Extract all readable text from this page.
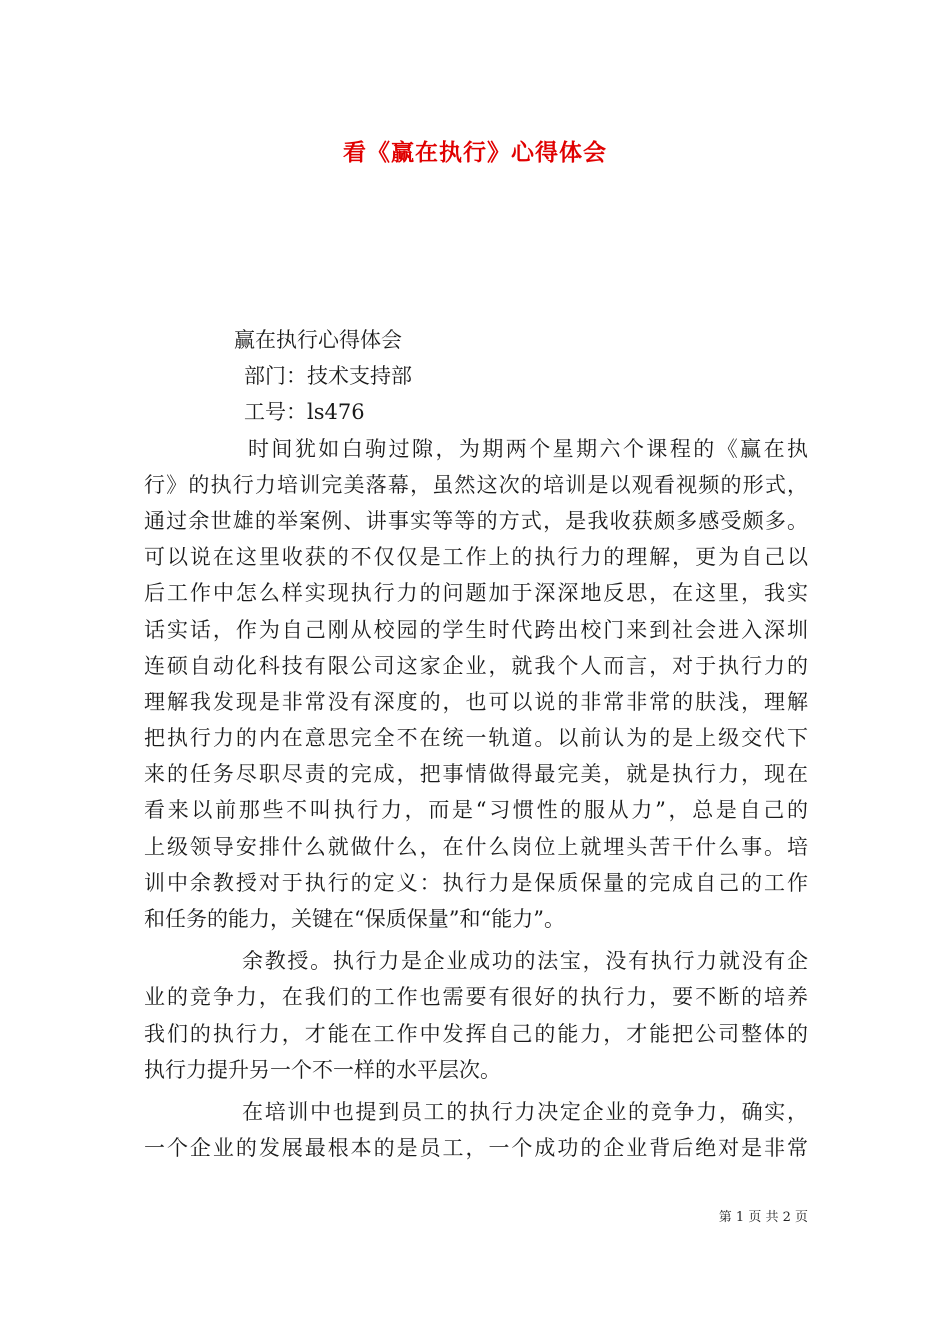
看《赢在执行》心得体会
赢在执行心得体会
部门：技术支持部
工号：ls476
时间犹如白驹过隙，为期两个星期六个课程的《赢在执
行》的执行力培训完美落幕，虽然这次的培训是以观看视频的形式，
通过余世雄的举案例、讲事实等等的方式，是我收获颇多感受颇多。
可以说在这里收获的不仅仅是工作上的执行力的理解，更为自己以
后工作中怎么样实现执行力的问题加于深深地反思，在这里，我实
话实话，作为自己刚从校园的学生时代跨出校门来到社会进入深圳
连硕自动化科技有限公司这家企业，就我个人而言，对于执行力的
理解我发现是非常没有深度的，也可以说的非常非常的肤浅，理解
把执行力的内在意思完全不在统一轨道。以前认为的是上级交代下
来的任务尽职尽责的完成，把事情做得最完美，就是执行力，现在
看来以前那些不叫执行力，而是“习惯性的服从力”，总是自己的
上级领导安排什么就做什么，在什么岗位上就埋头苦干什么事。培
训中余教授对于执行的定义：执行力是保质保量的完成自己的工作
和任务的能力，关键在“保质保量”和“能力”。
余教授。执行力是企业成功的法宝，没有执行力就没有企
业的竞争力，在我们的工作也需要有很好的执行力，要不断的培养
我们的执行力，才能在工作中发挥自己的能力，才能把公司整体的
执行力提升另一个不一样的水平层次。
在培训中也提到员工的执行力决定企业的竞争力，确实，
一个企业的发展最根本的是员工，一个成功的企业背后绝对是非常
第 1 页 共 2 页
